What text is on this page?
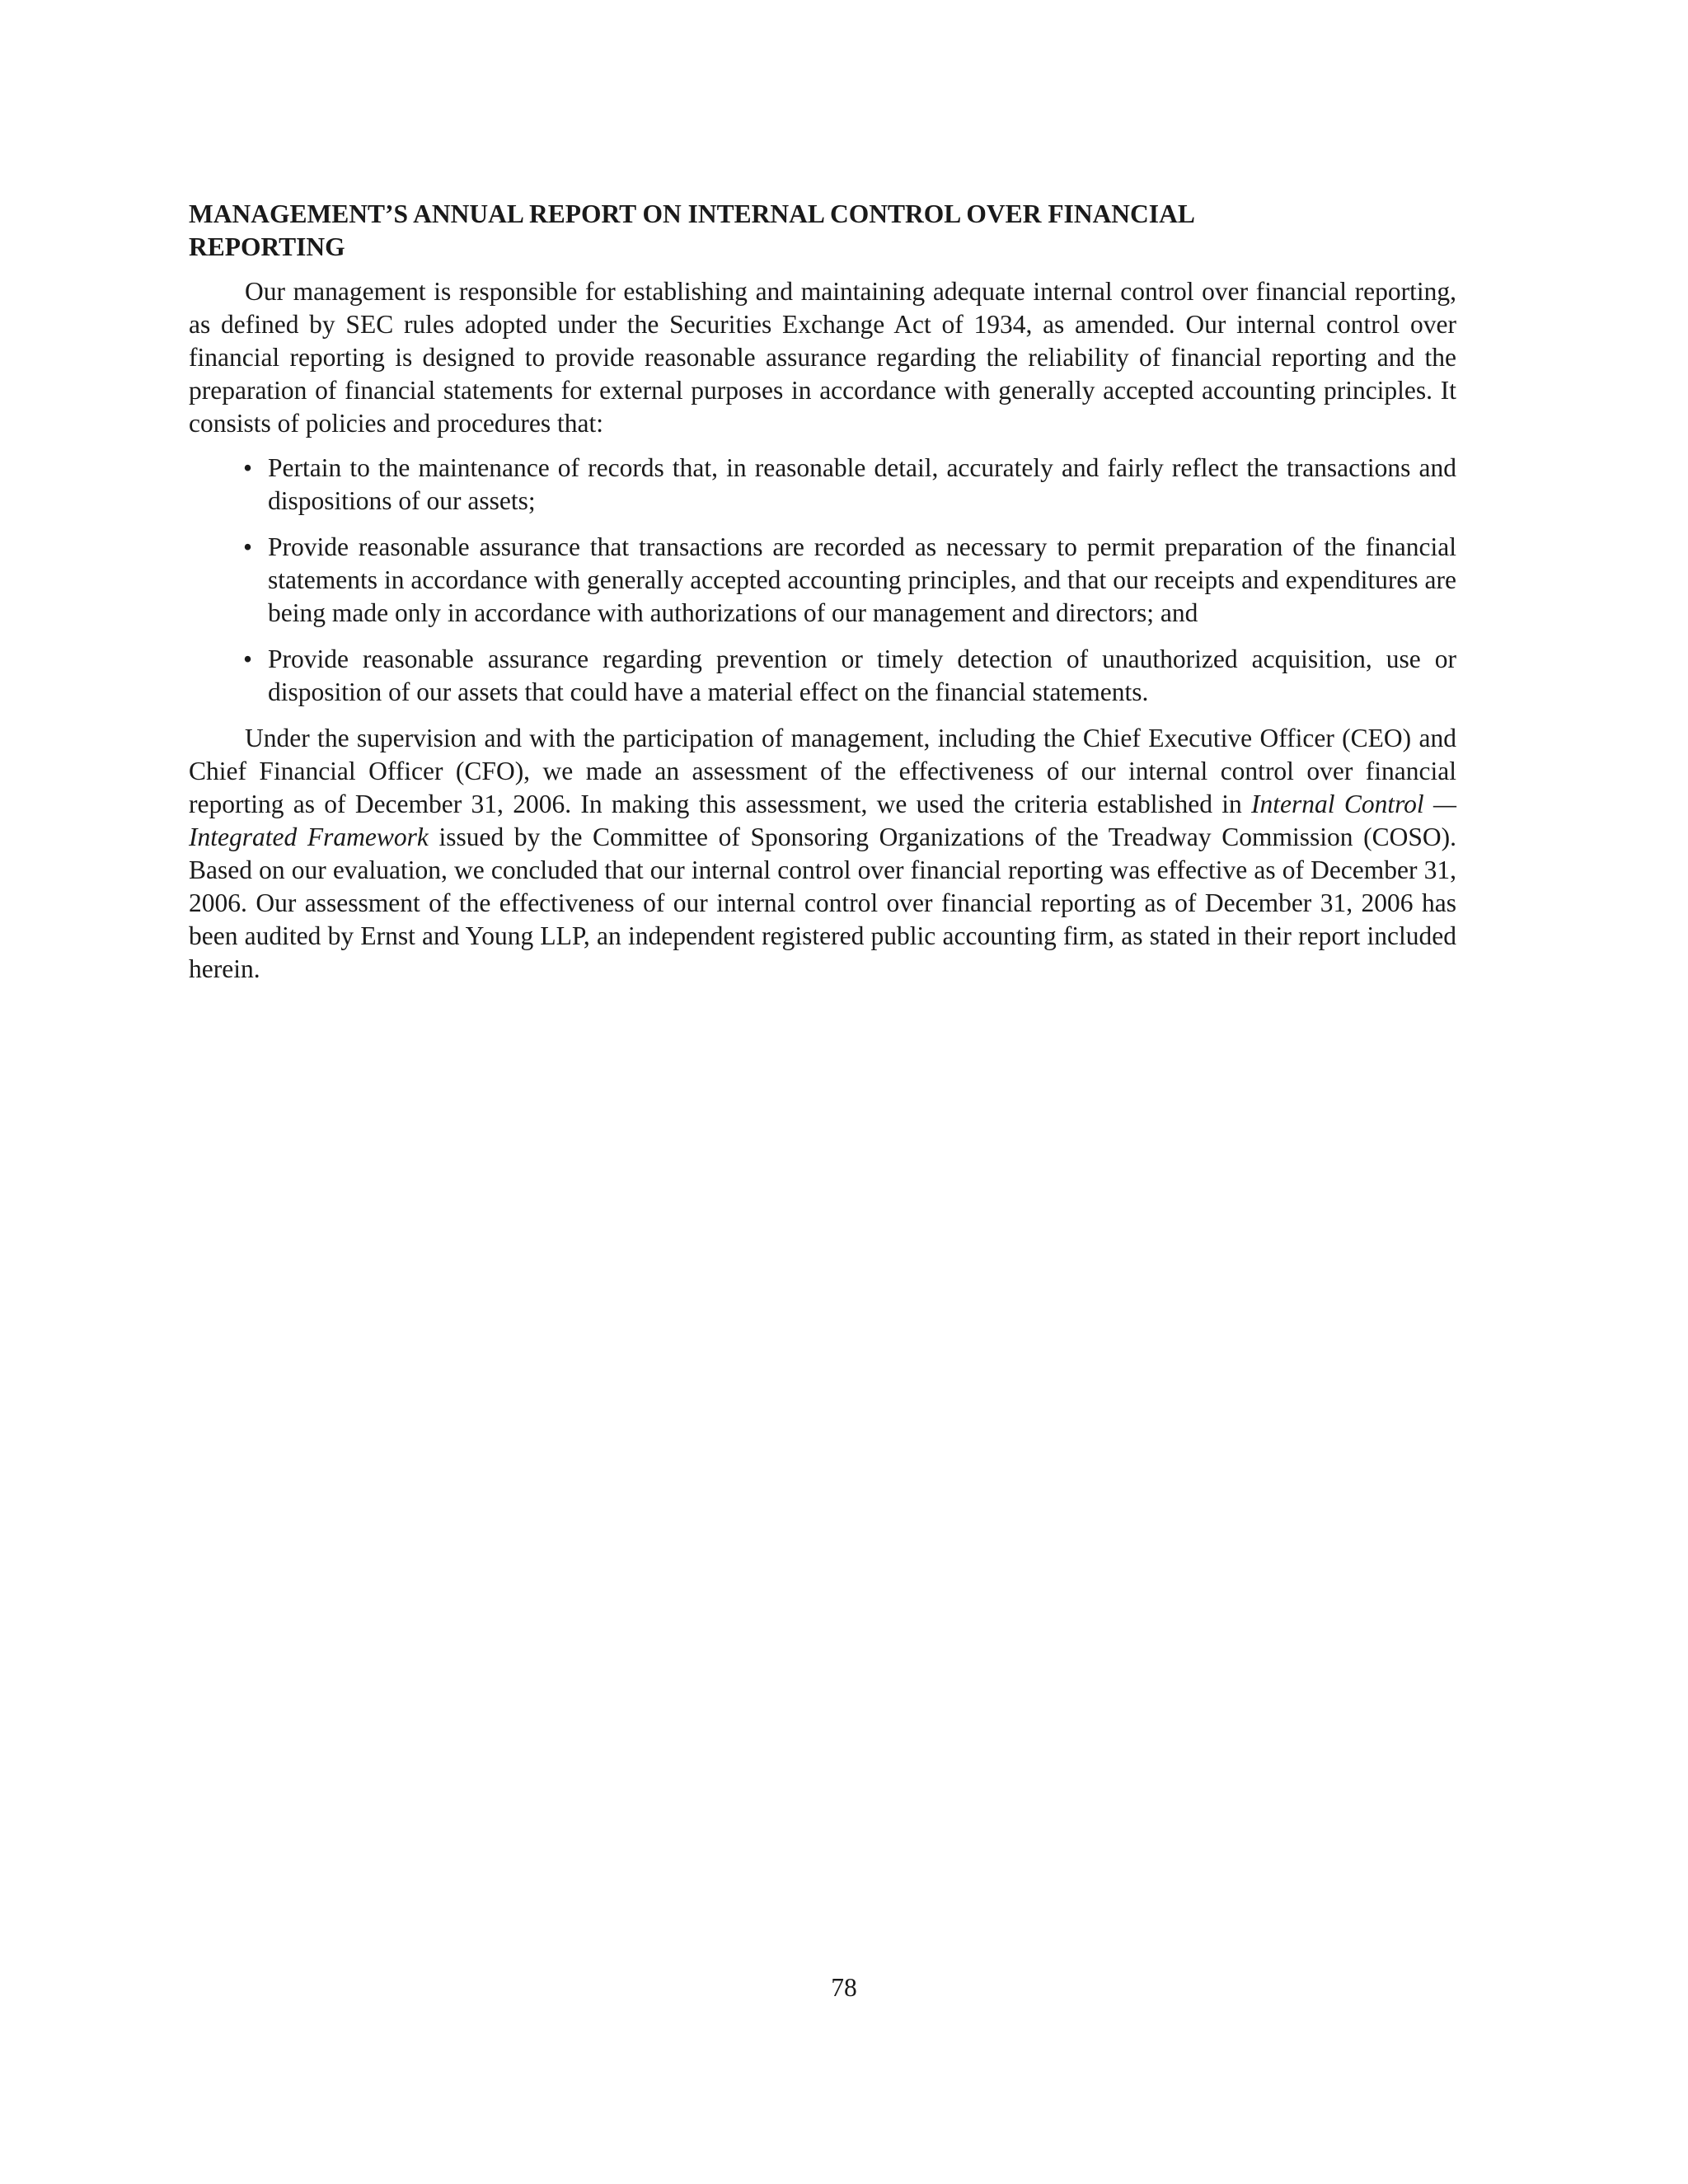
MANAGEMENT’S ANNUAL REPORT ON INTERNAL CONTROL OVER FINANCIAL REPORTING

Our management is responsible for establishing and maintaining adequate internal control over financial reporting, as defined by SEC rules adopted under the Securities Exchange Act of 1934, as amended. Our internal control over financial reporting is designed to provide reasonable assurance regarding the reliability of financial reporting and the preparation of financial statements for external purposes in accordance with generally accepted accounting principles. It consists of policies and procedures that:

• Pertain to the maintenance of records that, in reasonable detail, accurately and fairly reflect the transactions and dispositions of our assets;
• Provide reasonable assurance that transactions are recorded as necessary to permit preparation of the financial statements in accordance with generally accepted accounting principles, and that our receipts and expenditures are being made only in accordance with authorizations of our management and directors; and
• Provide reasonable assurance regarding prevention or timely detection of unauthorized acquisition, use or disposition of our assets that could have a material effect on the financial statements.

Under the supervision and with the participation of management, including the Chief Executive Officer (CEO) and Chief Financial Officer (CFO), we made an assessment of the effectiveness of our internal control over financial reporting as of December 31, 2006. In making this assessment, we used the criteria established in Internal Control — Integrated Framework issued by the Committee of Sponsoring Organizations of the Treadway Commission (COSO). Based on our evaluation, we concluded that our internal control over financial reporting was effective as of December 31, 2006. Our assessment of the effectiveness of our internal control over financial reporting as of December 31, 2006 has been audited by Ernst and Young LLP, an independent registered public accounting firm, as stated in their report included herein.

78
